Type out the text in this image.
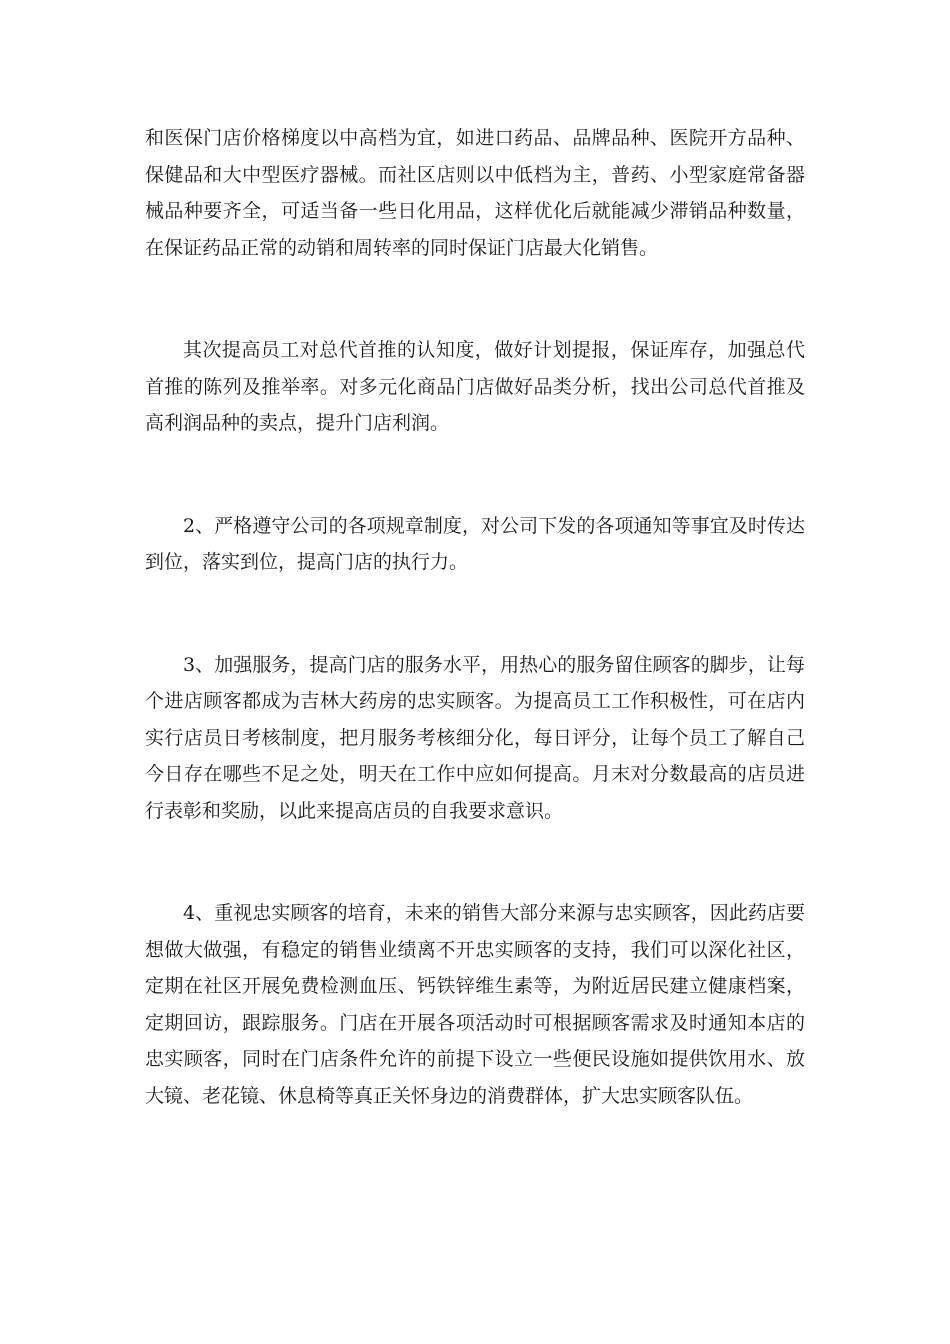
和医保门店价格梯度以中高档为宜，如进口药品、品牌品种、医院开方品种、保健品和大中型医疗器械。而社区店则以中低档为主，普药、小型家庭常备器械品种要齐全，可适当备一些日化用品，这样优化后就能减少滞销品种数量，在保证药品正常的动销和周转率的同时保证门店最大化销售。

其次提高员工对总代首推的认知度，做好计划提报，保证库存，加强总代首推的陈列及推举率。对多元化商品门店做好品类分析，找出公司总代首推及高利润品种的卖点，提升门店利润。

2、严格遵守公司的各项规章制度，对公司下发的各项通知等事宜及时传达到位，落实到位，提高门店的执行力。

3、加强服务，提高门店的服务水平，用热心的服务留住顾客的脚步，让每个进店顾客都成为吉林大药房的忠实顾客。为提高员工工作积极性，可在店内实行店员日考核制度，把月服务考核细分化，每日评分，让每个员工了解自己今日存在哪些不足之处，明天在工作中应如何提高。月末对分数最高的店员进行表彰和奖励，以此来提高店员的自我要求意识。

4、重视忠实顾客的培育，未来的销售大部分来源与忠实顾客，因此药店要想做大做强，有稳定的销售业绩离不开忠实顾客的支持，我们可以深化社区，定期在社区开展免费检测血压、钙铁锌维生素等，为附近居民建立健康档案，定期回访，跟踪服务。门店在开展各项活动时可根据顾客需求及时通知本店的忠实顾客，同时在门店条件允许的前提下设立一些便民设施如提供饮用水、放大镜、老花镜、休息椅等真正关怀身边的消费群体，扩大忠实顾客队伍。
